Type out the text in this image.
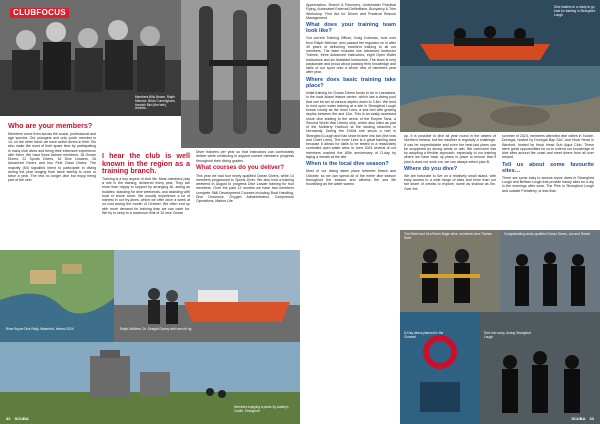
CLUBFOCUS
Members Billy Brown, Ralph Melrose, Brian Cunningham, Hamish Bird (the late), Andrew…
Who are your members?

Members come from across the social, professional and age spectra. Our youngest and only youth member is 14, on the other hand, we have active divers in their 70s who make the most of their spare time by participating in many club dives and being their extensive experience with them. We have three trainee members, 16 Ocean Divers, 22 Sports Divers, 16 Dive Leaders, 15 Advanced Divers and two First Class Divers. The majority (54) signalled intent to participate in diving during the year ranging from twice weekly to once or twice a year. The rest no longer dive but enjoy being part of the club.

I hear the club is well known in the region as a training branch.

Training is a key aspect of club life. Most members play a role in the training, delivered every year. They are more than happy to support by arranging kit, acting as buddies, standing for dive weekends, and assisting with boat or shore cover. We usually experience a lot of interest in our try-dives, which we offer once a week at no cost during the month of October. We often end up with more demand for training than we can cater for. We try to keep to a maximum limit of 10 new Ocean

Diver trainees per year so that instructors can comfortably deliver while continuing to support current members' progress throughout their diving grades.

What courses do you deliver?

This year we had four newly qualified Ocean Divers, while 14 members progressed to Sports Diver. We also hold a training weekend in August to progress Dive Leader training for four members. Over the past 12 months we have had members complete Skill Development Courses including Boat Handling, Dive Cessnock, Oxygen Administration, Compressor Operations, Marine Life

River Boyne Dive Rally, Waterford, Ireland 2024	Ralph McBrine, Dr. Straight Downy with new rib rig
Members enjoying a picnic by Audley's Castle, Strangford
32 SCUBA

Appreciation, Search & Recovery, Underwater Practical Flying, Automated External Defibrillator, Buoyancy & Trim Workshop, First Aid for Divers and Practical Rescue Management.

What does your training team look like?

Our current Training Officer, Craig Coleman, took over from Ralph Melrose, who passed the regulator on in after 49 years of delivering excellent training to all our members. The team includes one Advanced Instructor Trainee, three Advanced Instructors, eight Open Water Instructors and six Assistant Instructors. The team is very passionate and proud about passing their knowledge and skills of our sport onto a whole new of members year after year.

Where does basic training take place?

Initial training for Ocean Divers tends to be in Lisnaskea, in the local Island leisure centre, which has a diving pool that can be set at various depths down to 3.8m. We tend to hold open water training at a site in Strangford Lough known locally as the Inner Lees, a sea bed with grazing depths between 5m and 12m. This is an easily accessed shore dive leading to the wreck of the Empire Tana, a Second World War Liberty ship, which also sited as part of the Mulberry Harbour at the landing beaches in Normandy. During the 1940s she struck a reef in Strangford Lough and has since broken into two (the bow and Outer Lees). The Inner Lees is a great training area because it allows for skills to be tested in a reasonably controlled open water area. In June 2024 several of our members marked the 80th anniversary of D-day by laying a wreath at the site.

When is the local dive season?

Most of our diving takes place between March and October, so we can spend all of the entire dive season throughout the season and witness the sea life flourishing as the water warms

Dive leaders in a ready to go boat for training in Strangford Lough

up. It is possible to dive all year round in the waters of Northern Ireland, but the weather is regularly a challenge. It can be unpredictable and even the best-laid plans can be scuppered by strong winds or rain. We overcome this by adopting a flexible approach, especially to our training where we have back up plans in place to ensure that if plan A does not work out, we can always select plan B.

Where do you dive?

We are fortunate to live on a relatively small island, with easy access to a wide range of sites and more than our fair share of wrecks to explore, some as shallow as 5m. Over the

summer of 2024, members attended dive rallies in Toodie, Donegal, hosted by Donegal Bay SAC and Hook Head in Wexford, hosted by Hook Head Sub Aqua Club. These were great opportunities for us to extend our knowledge of dive sites around the coast and meet divers from all over Ireland.

Tell us about some favourite sites…

There are some easy to access shore dives in Strangford Lough and Belfast Lough that provide handy sites for a dip in the evenings after work. The Pins in Strangford Lough and outside Portaferry, is less than

The Rebel and Sea Rover Bogie drive, members have Trainee Diver
Congratulating newly qualified Ocean Divers, Jan and Robert
D-Day divers planned in the Channel
Dive into ramp, during Strangford Lough
SCUBA 33
